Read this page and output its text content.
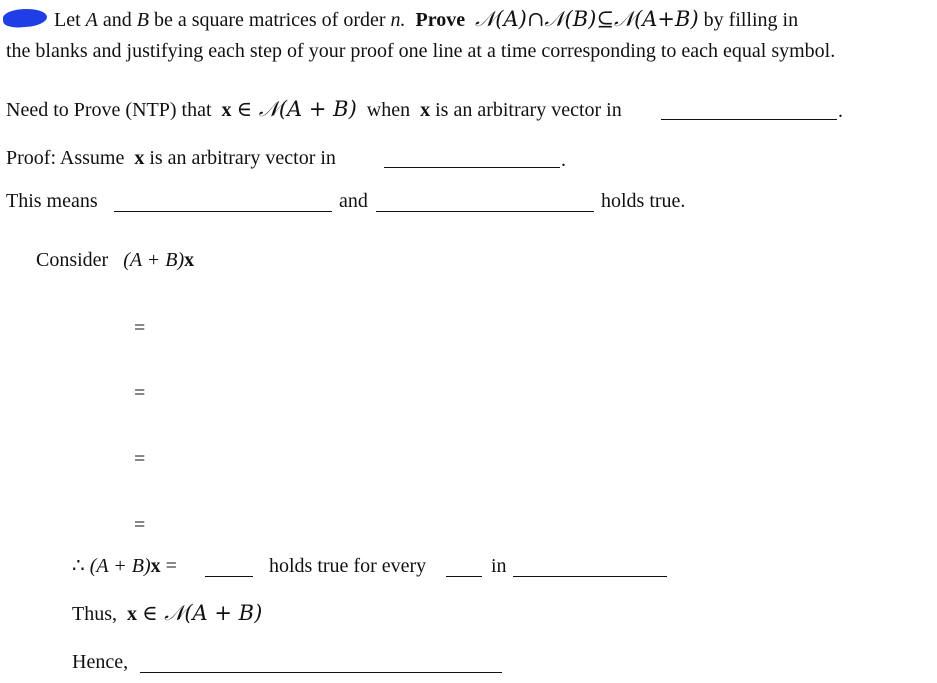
Let A and B be a square matrices of order n. Prove 𝒩(A)∩𝒩(B)⊆𝒩(A+B) by filling in
the blanks and justifying each step of your proof one line at a time corresponding to each equal symbol.
Need to Prove (NTP) that x ∈ 𝒩(A + B) when x is an arbitrary vector in	.
Proof: Assume x is an arbitrary vector in	.
This means	and	holds true.
Consider (A + B)x
=
=
=
=
∴ (A + B)x =	holds true for every	in
Thus, x ∈ 𝒩(A + B)
Hence,
